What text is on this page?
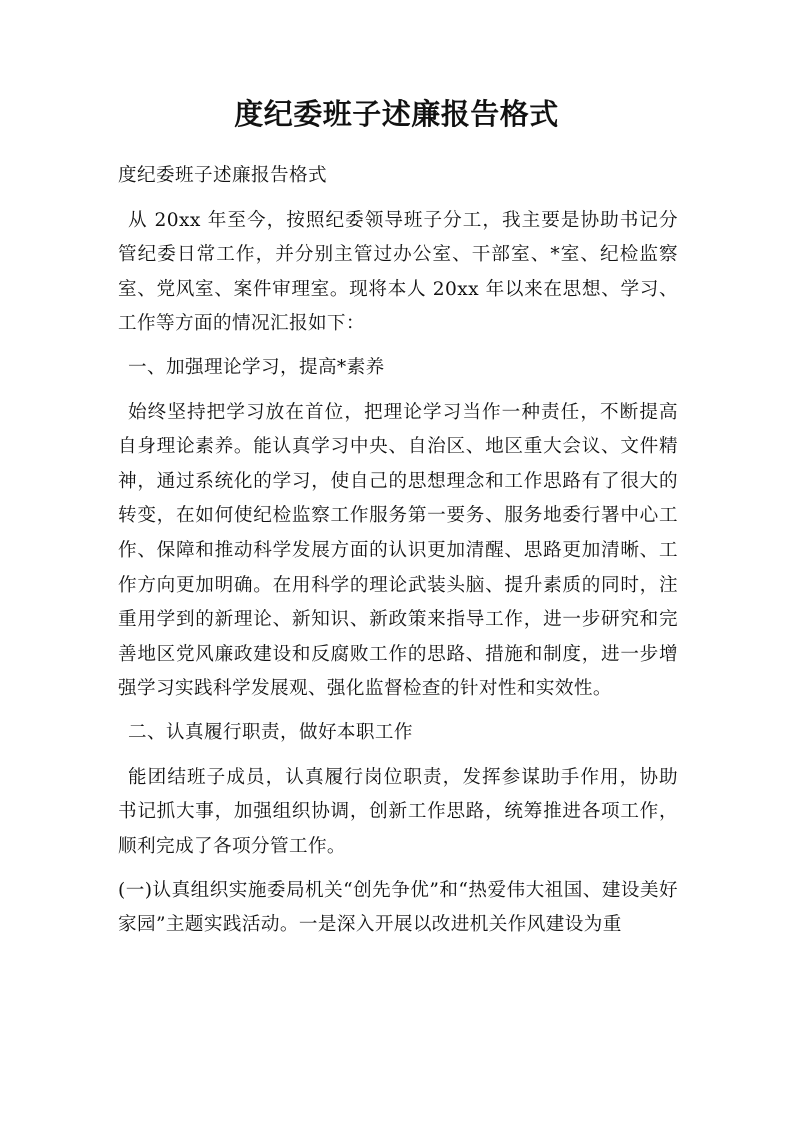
度纪委班子述廉报告格式

度纪委班子述廉报告格式

从 20xx 年至今，按照纪委领导班子分工，我主要是协助书记分管纪委日常工作，并分别主管过办公室、干部室、*室、纪检监察室、党风室、案件审理室。现将本人 20xx 年以来在思想、学习、工作等方面的情况汇报如下：

一、加强理论学习，提高*素养

始终坚持把学习放在首位，把理论学习当作一种责任，不断提高自身理论素养。能认真学习中央、自治区、地区重大会议、文件精神，通过系统化的学习，使自己的思想理念和工作思路有了很大的转变，在如何使纪检监察工作服务第一要务、服务地委行署中心工作、保障和推动科学发展方面的认识更加清醒、思路更加清晰、工作方向更加明确。在用科学的理论武装头脑、提升素质的同时，注重用学到的新理论、新知识、新政策来指导工作，进一步研究和完善地区党风廉政建设和反腐败工作的思路、措施和制度，进一步增强学习实践科学发展观、强化监督检查的针对性和实效性。

二、认真履行职责，做好本职工作

能团结班子成员，认真履行岗位职责，发挥参谋助手作用，协助书记抓大事，加强组织协调，创新工作思路，统筹推进各项工作，顺利完成了各项分管工作。

(一)认真组织实施委局机关“创先争优”和“热爱伟大祖国、建设美好家园”主题实践活动。一是深入开展以改进机关作风建设为重
